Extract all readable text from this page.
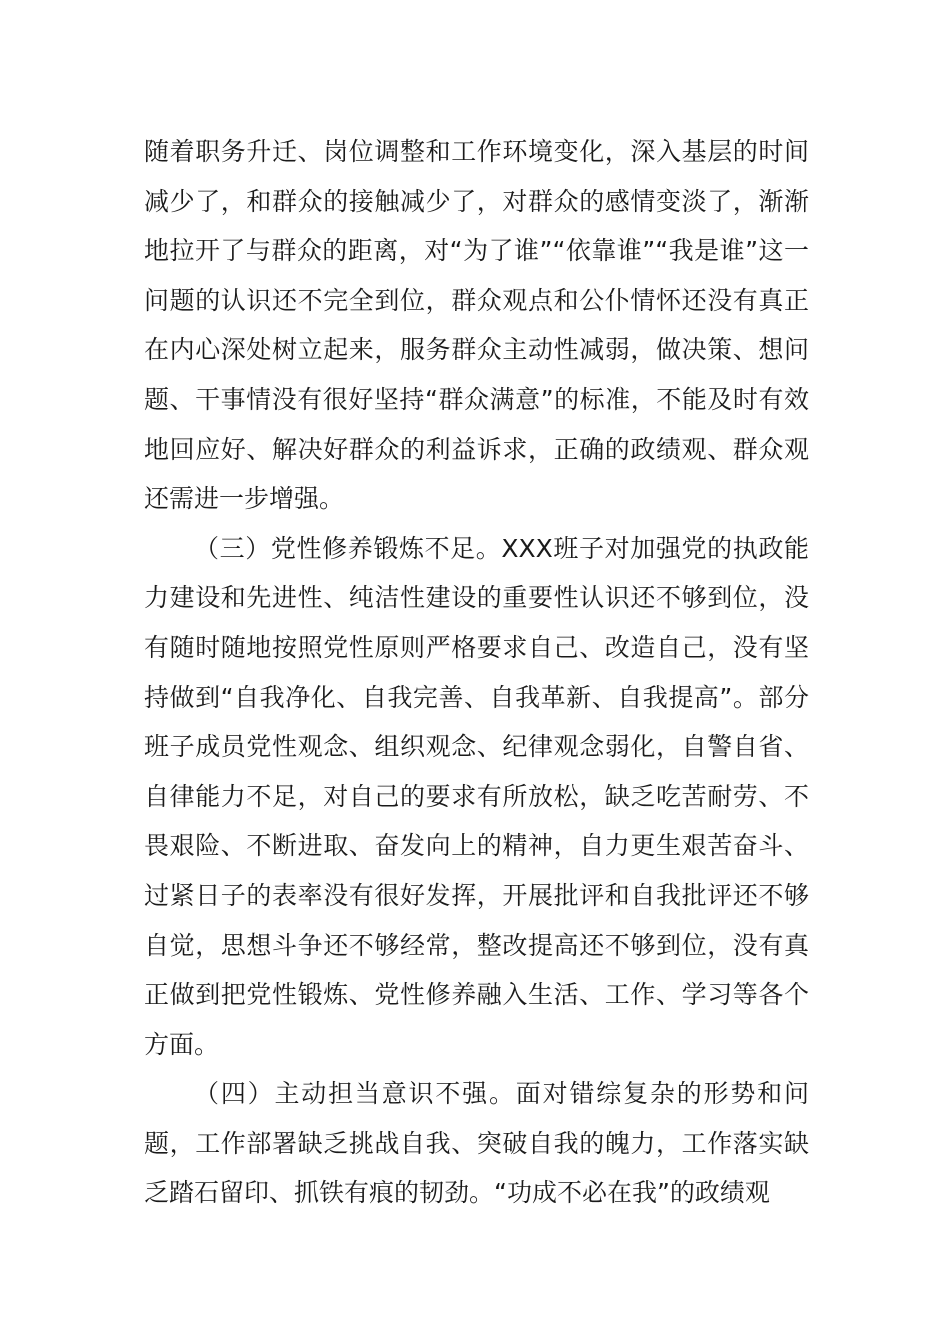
随着职务升迁、岗位调整和工作环境变化，深入基层的时间减少了，和群众的接触减少了，对群众的感情变淡了，渐渐地拉开了与群众的距离，对“为了谁”“依靠谁”“我是谁”这一问题的认识还不完全到位，群众观点和公仆情怀还没有真正在内心深处树立起来，服务群众主动性减弱，做决策、想问题、干事情没有很好坚持“群众满意”的标准，不能及时有效地回应好、解决好群众的利益诉求，正确的政绩观、群众观还需进一步增强。

（三）党性修养锻炼不足。XXX班子对加强党的执政能力建设和先进性、纯洁性建设的重要性认识还不够到位，没有随时随地按照党性原则严格要求自己、改造自己，没有坚持做到“自我净化、自我完善、自我革新、自我提高”。部分班子成员党性观念、组织观念、纪律观念弱化，自警自省、自律能力不足，对自己的要求有所放松，缺乏吃苦耐劳、不畏艰险、不断进取、奋发向上的精神，自力更生艰苦奋斗、过紧日子的表率没有很好发挥，开展批评和自我批评还不够自觉，思想斗争还不够经常，整改提高还不够到位，没有真正做到把党性锻炼、党性修养融入生活、工作、学习等各个方面。

（四）主动担当意识不强。面对错综复杂的形势和问题，工作部署缺乏挑战自我、突破自我的魄力，工作落实缺乏踏石留印、抓铁有痕的韧劲。“功成不必在我”的政绩观
